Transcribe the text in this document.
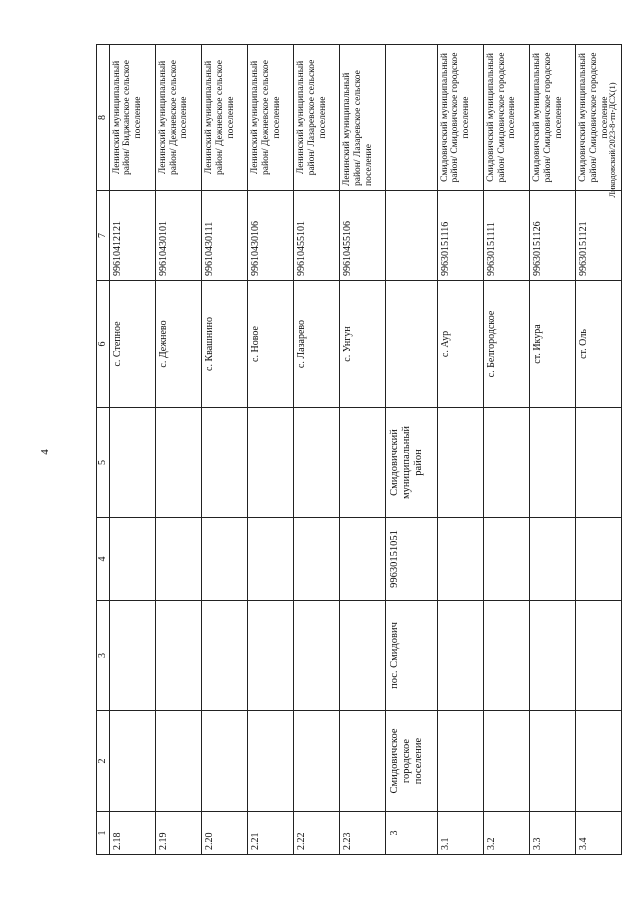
4
Ликодовский/2023-8-тп-ДСХ(1)
1	2	3	4	5	6	7	8
2.18					с. Степное	99610412121	Ленинский муниципальный район/ Биджанское сельское поселение
2.19					с. Дежнево	99610430101	Ленинский муниципальный район/ Дежневское сельское поселение
2.20					с. Квашнино	99610430111	Ленинский муниципальный район/ Дежневское сельское поселение
2.21					с. Новое	99610430106	Ленинский муниципальный район/ Дежневское сельское поселение
2.22					с. Лазарево	99610455101	Ленинский муниципальный район/ Лазаревское сельское поселение
2.23					с. Унгун	99610455106	Ленинский муниципальный район/ Лазаревское сельское поселение
3	Смидовичское городское поселение	пос. Смидович	99630151051	Смидовичский муниципальный район			
3.1					с. Аур	99630151116	Смидовичский муниципальный район/ Смидовичское городское поселение
3.2					с. Белгородское	99630151111	Смидовичский муниципальный район/ Смидовичское городское поселение
3.3					ст. Икура	99630151126	Смидовичский муниципальный район/ Смидовичское городское поселение
3.4					ст. Оль	99630151121	Смидовичский муниципальный район/ Смидовичское городское поселение
